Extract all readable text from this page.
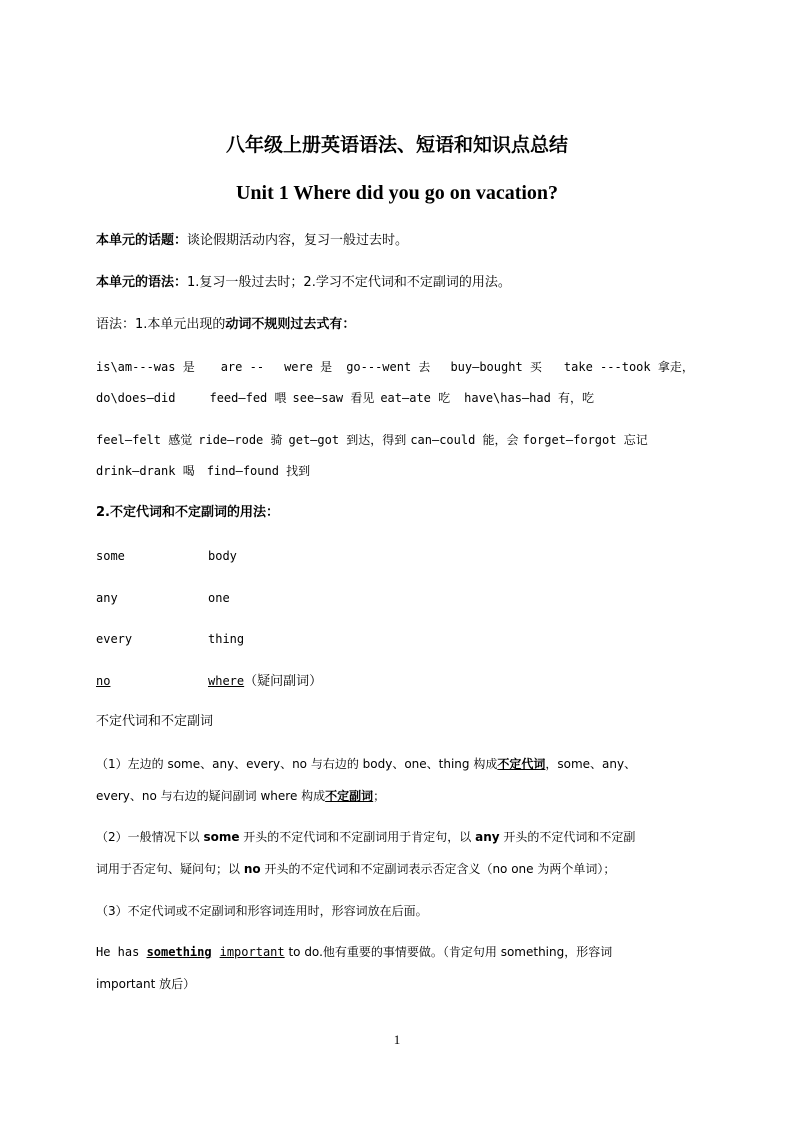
八年级上册英语语法、短语和知识点总结
Unit 1 Where did you go on vacation?
本单元的话题：谈论假期活动内容，复习一般过去时。
本单元的语法：1.复习一般过去时；2.学习不定代词和不定副词的用法。
语法：1.本单元出现的动词不规则过去式有：
is\am---was 是 are -- were 是 go---went 去 buy—bought 买 take ---took 拿走，
do\does—did	feed—fed 喂 see—saw 看见 eat—ate 吃 have\has—had 有，吃
feel—felt 感觉 ride—rode 骑 get—got 到达，得到 can—could 能，会 forget—forgot 忘记
drink—drank 喝 find—found 找到
2.不定代词和不定副词的用法：
some	body
any	one
every	thing
no	where（疑问副词）
不定代词和不定副词
（1）左边的 some、any、every、no 与右边的 body、one、thing 构成不定代词，some、any、
every、no 与右边的疑问副词 where 构成不定副词；
（2）一般情况下以 some 开头的不定代词和不定副词用于肯定句，以 any 开头的不定代词和不定副
词用于否定句、疑问句；以 no 开头的不定代词和不定副词表示否定含义（no one 为两个单词）；
（3）不定代词或不定副词和形容词连用时，形容词放在后面。
He has something important to do.他有重要的事情要做。（肯定句用 something，形容词
important 放后）
1
